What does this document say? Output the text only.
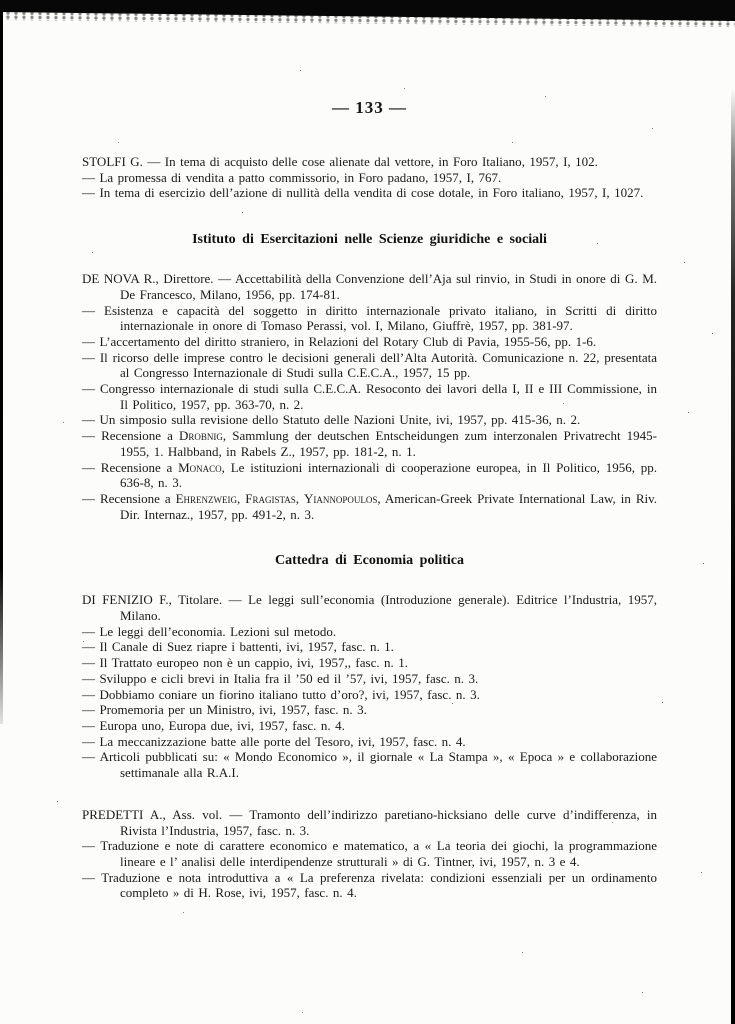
— 133 —

STOLFI G. — In tema di acquisto delle cose alienate dal vettore, in Foro Italiano, 1957, I, 102.

— La promessa di vendita a patto commissorio, in Foro padano, 1957, I, 767.

— In tema di esercizio dell’azione di nullità della vendita di cose dotale, in Foro italiano, 1957, I, 1027.

Istituto di Esercitazioni nelle Scienze giuridiche e sociali

DE NOVA R., Direttore. — Accettabilità della Convenzione dell’Aja sul rinvio, in Studi in onore di G. M. De Francesco, Milano, 1956, pp. 174-81.

— Esistenza e capacità del soggetto in diritto internazionale privato italiano, in Scritti di diritto internazionale in onore di Tomaso Perassi, vol. I, Milano, Giuffrè, 1957, pp. 381-97.

— L’accertamento del diritto straniero, in Relazioni del Rotary Club di Pavia, 1955-56, pp. 1-6.

— Il ricorso delle imprese contro le decisioni generali dell’Alta Autorità. Comunicazione n. 22, presentata al Congresso Internazionale di Studi sulla C.E.C.A., 1957, 15 pp.

— Congresso internazionale di studi sulla C.E.C.A. Resoconto dei lavori della I, II e III Commissione, in Il Politico, 1957, pp. 363-70, n. 2.

— Un simposio sulla revisione dello Statuto delle Nazioni Unite, ivi, 1957, pp. 415-36, n. 2.

— Recensione a Drobnig, Sammlung der deutschen Entscheidungen zum interzonalen Privatrecht 1945-1955, 1. Halbband, in Rabels Z., 1957, pp. 181-2, n. 1.

— Recensione a Monaco, Le istituzioni internazionali di cooperazione europea, in Il Politico, 1956, pp. 636-8, n. 3.

— Recensione a Ehrenzweig, Fragistas, Yiannopoulos, American-Greek Private International Law, in Riv. Dir. Internaz., 1957, pp. 491-2, n. 3.

Cattedra di Economia politica

DI FENIZIO F., Titolare. — Le leggi sull’economia (Introduzione generale). Editrice l’Industria, 1957, Milano.

— Le leggi dell’economia. Lezioni sul metodo.

— Il Canale di Suez riapre i battenti, ivi, 1957, fasc. n. 1.

— Il Trattato europeo non è un cappio, ivi, 1957,, fasc. n. 1.

— Sviluppo e cicli brevi in Italia fra il ’50 ed il ’57, ivi, 1957, fasc. n. 3.

— Dobbiamo coniare un fiorino italiano tutto d’oro?, ivi, 1957, fasc. n. 3.

— Promemoria per un Ministro, ivi, 1957, fasc. n. 3.

— Europa uno, Europa due, ivi, 1957, fasc. n. 4.

— La meccanizzazione batte alle porte del Tesoro, ivi, 1957, fasc. n. 4.

— Articoli pubblicati su: « Mondo Economico », il giornale « La Stampa », « Epoca » e collaborazione settimanale alla R.A.I.

PREDETTI A., Ass. vol. — Tramonto dell’indirizzo paretiano-hicksiano delle curve d’indifferenza, in Rivista l’Industria, 1957, fasc. n. 3.

— Traduzione e note di carattere economico e matematico, a « La teoria dei giochi, la programmazione lineare e l’ analisi delle interdipendenze strutturali » di G. Tintner, ivi, 1957, n. 3 e 4.

— Traduzione e nota introduttiva a « La preferenza rivelata: condizioni essenziali per un ordinamento completo » di H. Rose, ivi, 1957, fasc. n. 4.
